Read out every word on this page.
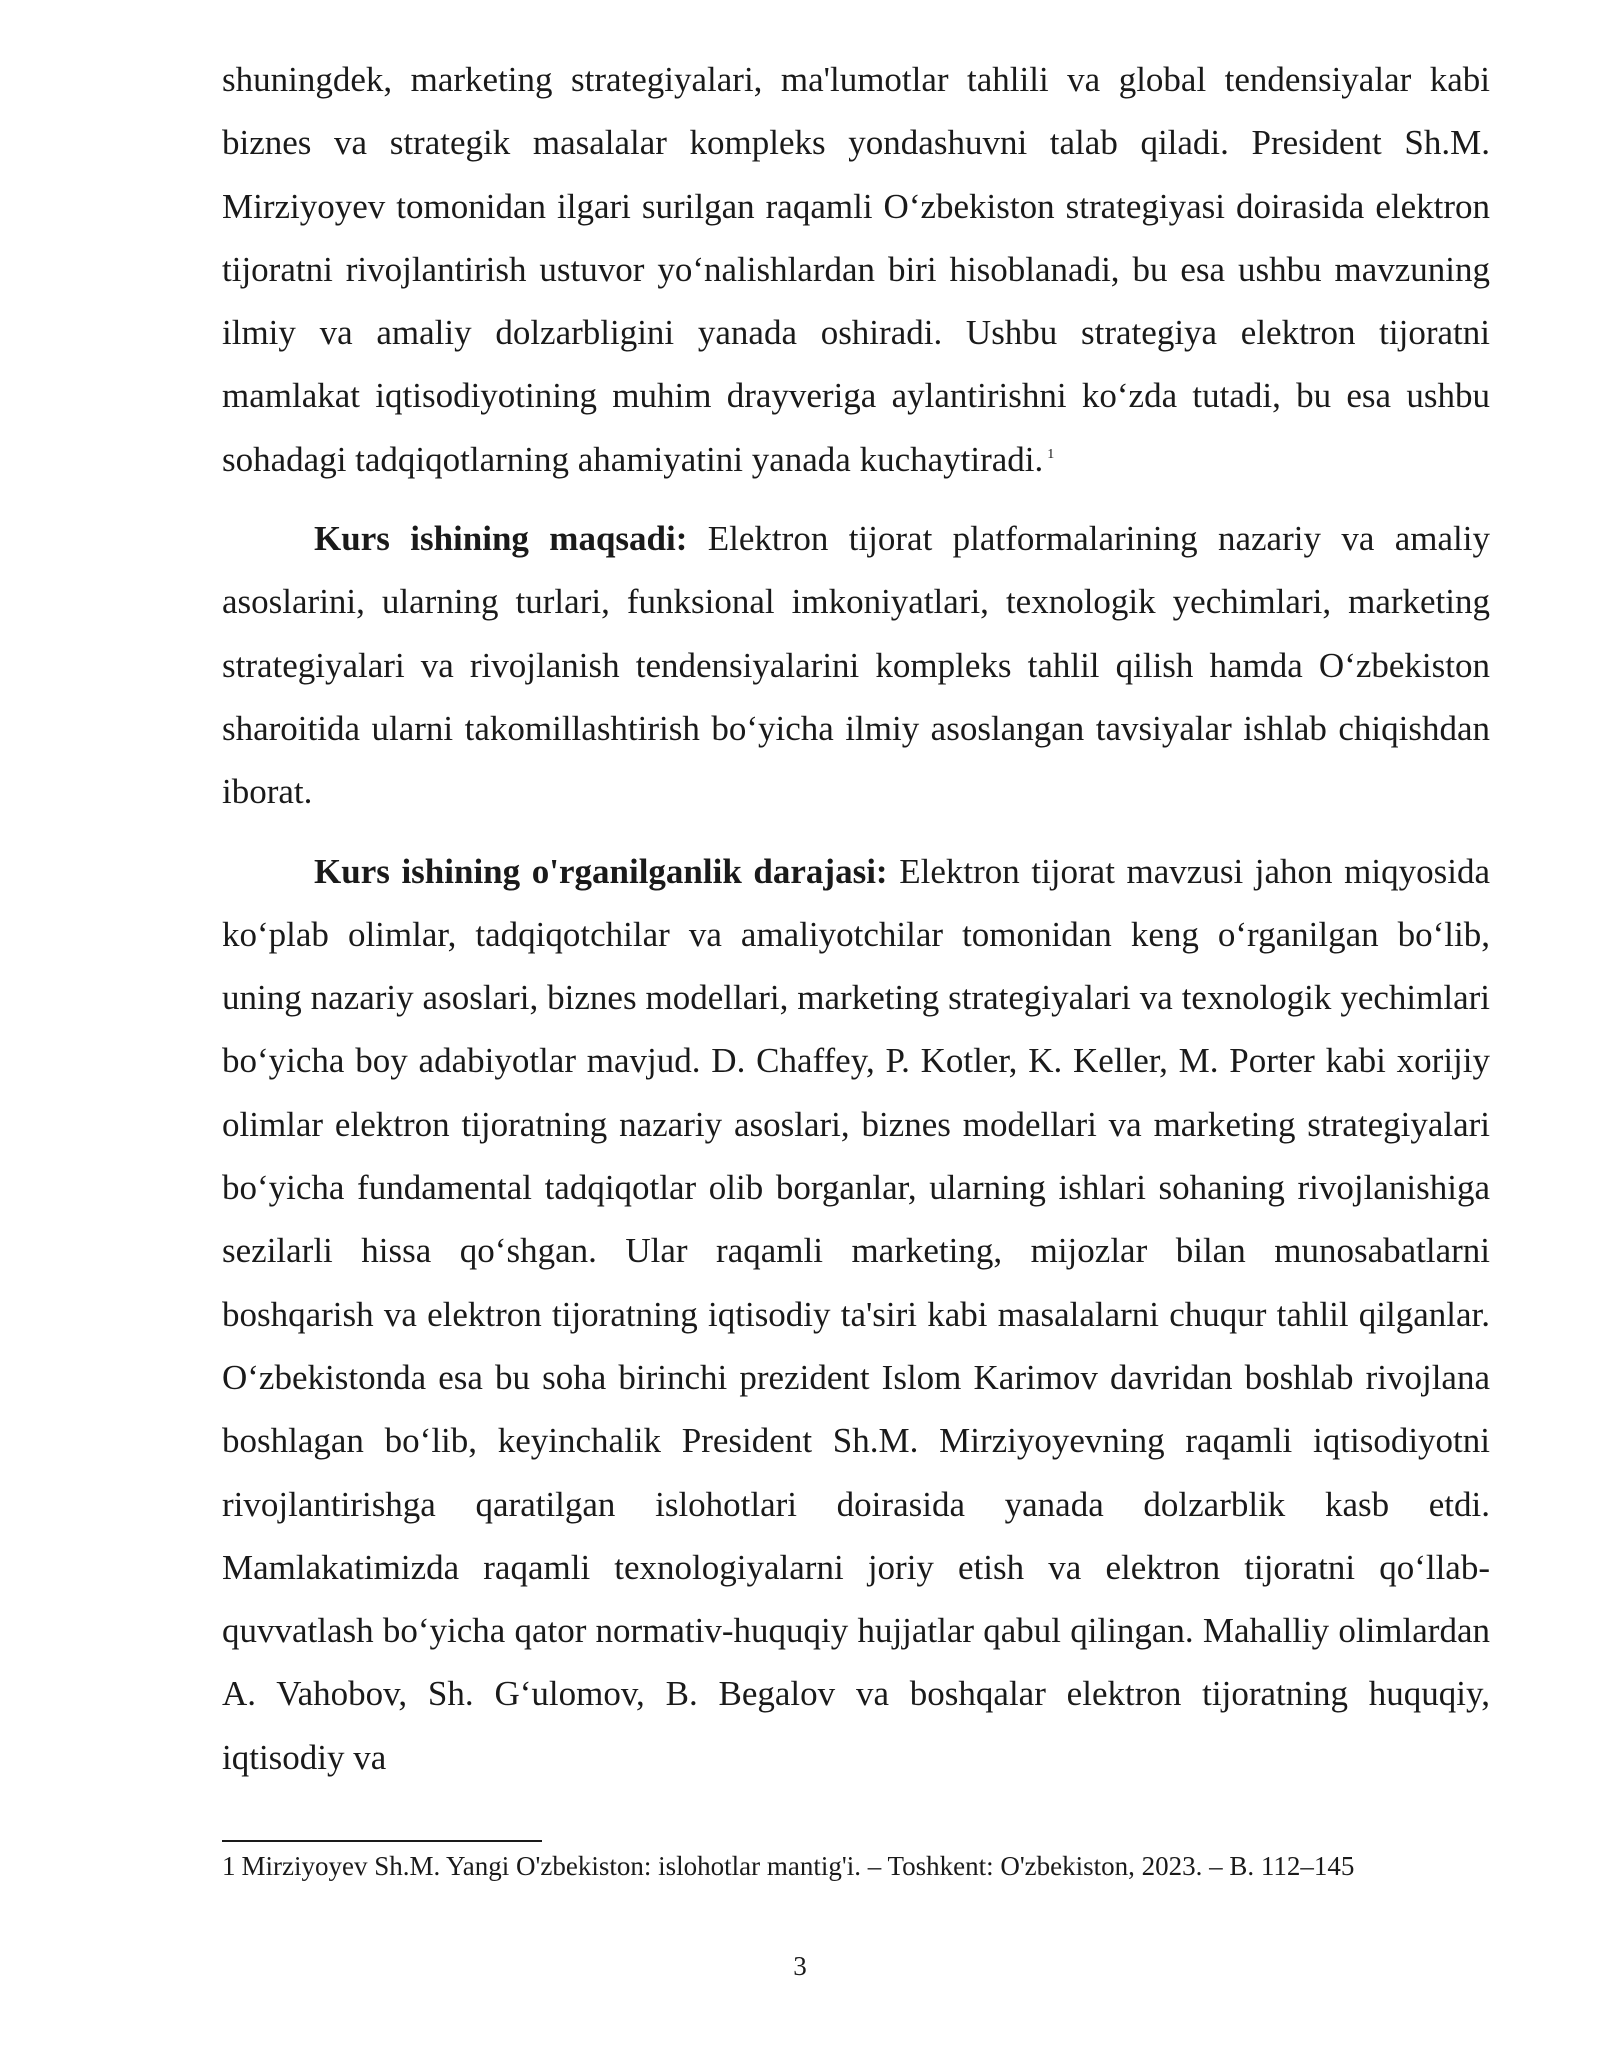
shuningdek, marketing strategiyalari, ma'lumotlar tahlili va global tendensiyalar kabi biznes va strategik masalalar kompleks yondashuvni talab qiladi. President Sh.M. Mirziyoyev tomonidan ilgari surilgan raqamli O‘zbekiston strategiyasi doirasida elektron tijoratni rivojlantirish ustuvor yo‘nalishlardan biri hisoblanadi, bu esa ushbu mavzuning ilmiy va amaliy dolzarbligini yanada oshiradi. Ushbu strategiya elektron tijoratni mamlakat iqtisodiyotining muhim drayveriga aylantirishni ko‘zda tutadi, bu esa ushbu sohadagi tadqiqotlarning ahamiyatini yanada kuchaytiradi. $^1$

Kurs ishining maqsadi: Elektron tijorat platformalarining nazariy va amaliy asoslarini, ularning turlari, funksional imkoniyatlari, texnologik yechimlari, marketing strategiyalari va rivojlanish tendensiyalarini kompleks tahlil qilish hamda O‘zbekiston sharoitida ularni takomillashtirish bo‘yicha ilmiy asoslangan tavsiyalar ishlab chiqishdan iborat.

Kurs ishining o'rganilganlik darajasi: Elektron tijorat mavzusi jahon miqyosida ko‘plab olimlar, tadqiqotchilar va amaliyotchilar tomonidan keng o‘rganilgan bo‘lib, uning nazariy asoslari, biznes modellari, marketing strategiyalari va texnologik yechimlari bo‘yicha boy adabiyotlar mavjud. D. Chaffey, P. Kotler, K. Keller, M. Porter kabi xorijiy olimlar elektron tijoratning nazariy asoslari, biznes modellari va marketing strategiyalari bo‘yicha fundamental tadqiqotlar olib borganlar, ularning ishlari sohaning rivojlanishiga sezilarli hissa qo‘shgan. Ular raqamli marketing, mijozlar bilan munosabatlarni boshqarish va elektron tijoratning iqtisodiy ta'siri kabi masalalarni chuqur tahlil qilganlar. O‘zbekistonda esa bu soha birinchi prezident Islom Karimov davridan boshlab rivojlana boshlagan bo‘lib, keyinchalik President Sh.M. Mirziyoyevning raqamli iqtisodiyotni rivojlantirishga qaratilgan islohotlari doirasida yanada dolzarblik kasb etdi. Mamlakatimizda raqamli texnologiyalarni joriy etish va elektron tijoratni qo‘llab-quvvatlash bo‘yicha qator normativ-huquqiy hujjatlar qabul qilingan. Mahalliy olimlardan A. Vahobov, Sh. G‘ulomov, B. Begalov va boshqalar elektron tijoratning huquqiy, iqtisodiy va

1 Mirziyoyev Sh.M. Yangi O'zbekiston: islohotlar mantig'i. – Toshkent: O'zbekiston, 2023. – B. 112–145
3
